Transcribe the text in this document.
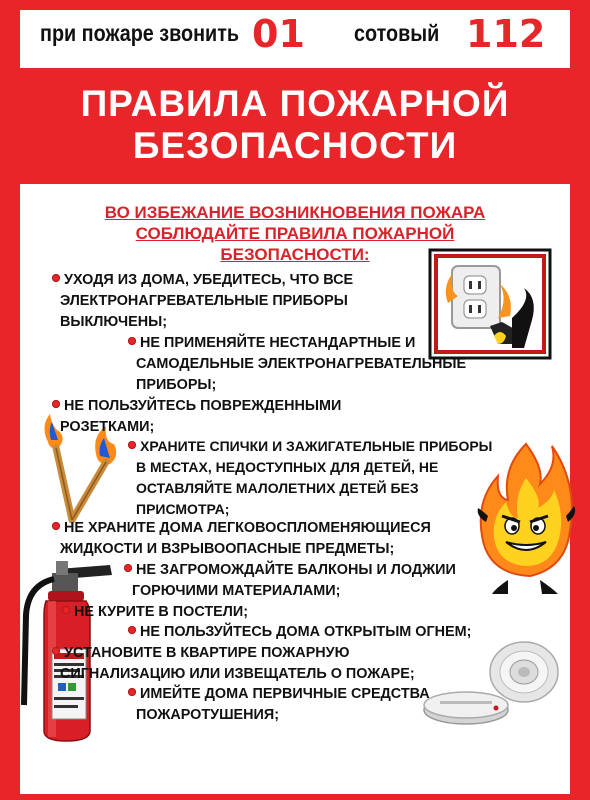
при пожаре звонить 01 сотовый 112
ПРАВИЛА ПОЖАРНОЙ
БЕЗОПАСНОСТИ
ВО ИЗБЕЖАНИЕ ВОЗНИКНОВЕНИЯ ПОЖАРА
СОБЛЮДАЙТЕ ПРАВИЛА ПОЖАРНОЙ
БЕЗОПАСНОСТИ:
УХОДЯ ИЗ ДОМА, УБЕДИТЕСЬ, ЧТО ВСЕ
ЭЛЕКТРОНАГРЕВАТЕЛЬНЫЕ ПРИБОРЫ
ВЫКЛЮЧЕНЫ;
НЕ ПРИМЕНЯЙТЕ НЕСТАНДАРТНЫЕ И
САМОДЕЛЬНЫЕ ЭЛЕКТРОНАГРЕВАТЕЛЬНЫЕ
ПРИБОРЫ;
НЕ ПОЛЬЗУЙТЕСЬ ПОВРЕЖДЕННЫМИ
РОЗЕТКАМИ;
ХРАНИТЕ СПИЧКИ И ЗАЖИГАТЕЛЬНЫЕ ПРИБОРЫ
В МЕСТАХ, НЕДОСТУПНЫХ ДЛЯ ДЕТЕЙ, НЕ
ОСТАВЛЯЙТЕ МАЛОЛЕТНИХ ДЕТЕЙ БЕЗ
ПРИСМОТРА;
НЕ ХРАНИТЕ ДОМА ЛЕГКОВОСПЛОМЕНЯЮЩИЕСЯ
ЖИДКОСТИ И ВЗРЫВООПАСНЫЕ ПРЕДМЕТЫ;
НЕ ЗАГРОМОЖДАЙТЕ БАЛКОНЫ И ЛОДЖИИ
ГОРЮЧИМИ МАТЕРИАЛАМИ;
НЕ КУРИТЕ В ПОСТЕЛИ;
НЕ ПОЛЬЗУЙТЕСЬ ДОМА ОТКРЫТЫМ ОГНЕМ;
УСТАНОВИТЕ В КВАРТИРЕ ПОЖАРНУЮ
СИГНАЛИЗАЦИЮ ИЛИ ИЗВЕЩАТЕЛЬ О ПОЖАРЕ;
ИМЕЙТЕ ДОМА ПЕРВИЧНЫЕ СРЕДСТВА
ПОЖАРОТУШЕНИЯ;
